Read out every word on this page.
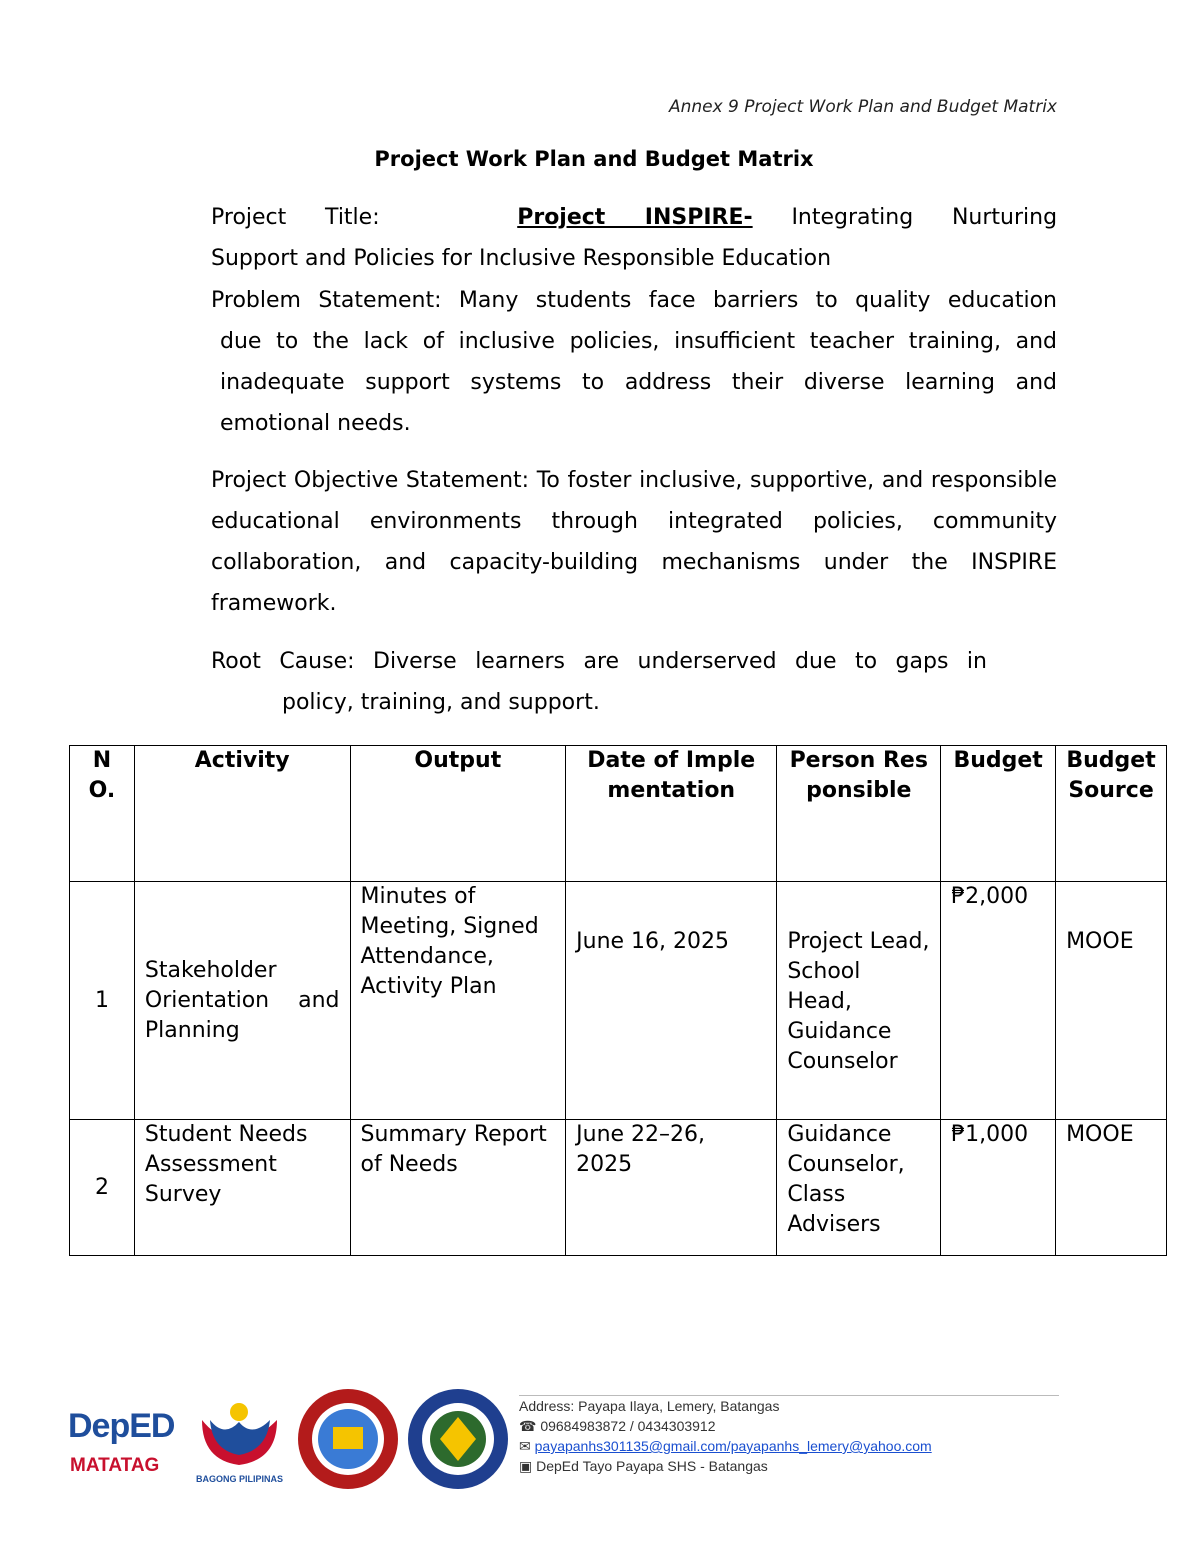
Annex 9 Project Work Plan and Budget Matrix
Project Work Plan and Budget Matrix
Project Title:	Project INSPIRE- Integrating Nurturing
Support and Policies for Inclusive Responsible Education
Problem Statement: Many students face barriers to quality education
due to the lack of inclusive policies, insufficient teacher training, and inadequate support systems to address their diverse learning and emotional needs.
Project Objective Statement: To foster inclusive, supportive, and responsible educational environments through integrated policies, community collaboration, and capacity-building mechanisms under the INSPIRE framework.
Root Cause: Diverse learners are underserved due to gaps in
policy, training, and support.
NO.	Activity	Output	Date of Implementation	Person Responsible	Budget	Budget Source
1	Stakeholder Orientation and Planning	Minutes of Meeting, Signed Attendance, Activity Plan	June 16, 2025	Project Lead, School Head, Guidance Counselor	₱2,000	MOOE
2	Student Needs Assessment Survey	Summary Report of Needs	June 22–26, 2025	Guidance Counselor, Class Advisers	₱1,000	MOOE
DepED
MATATAG
BAGONG PILIPINAS
Address: Payapa Ilaya, Lemery, Batangas
☎ 09684983872 / 0434303912
✉ payapanhs301135@gmail.com/payapanhs_lemery@yahoo.com
▣ DepEd Tayo Payapa SHS - Batangas
